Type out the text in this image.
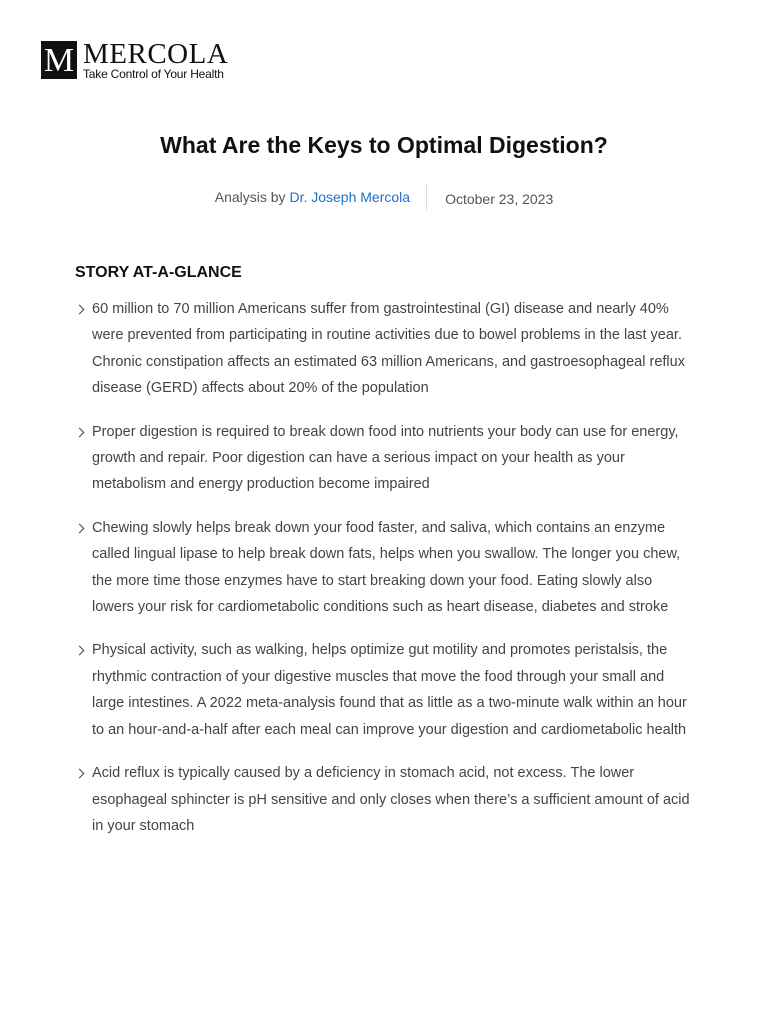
M MERCOLA
Take Control of Your Health
What Are the Keys to Optimal Digestion?
Analysis by Dr. Joseph Mercola	October 23, 2023
STORY AT-A-GLANCE
60 million to 70 million Americans suffer from gastrointestinal (GI) disease and nearly 40% were prevented from participating in routine activities due to bowel problems in the last year. Chronic constipation affects an estimated 63 million Americans, and gastroesophageal reflux disease (GERD) affects about 20% of the population
Proper digestion is required to break down food into nutrients your body can use for energy, growth and repair. Poor digestion can have a serious impact on your health as your metabolism and energy production become impaired
Chewing slowly helps break down your food faster, and saliva, which contains an enzyme called lingual lipase to help break down fats, helps when you swallow. The longer you chew, the more time those enzymes have to start breaking down your food. Eating slowly also lowers your risk for cardiometabolic conditions such as heart disease, diabetes and stroke
Physical activity, such as walking, helps optimize gut motility and promotes peristalsis, the rhythmic contraction of your digestive muscles that move the food through your small and large intestines. A 2022 meta-analysis found that as little as a two-minute walk within an hour to an hour-and-a-half after each meal can improve your digestion and cardiometabolic health
Acid reflux is typically caused by a deficiency in stomach acid, not excess. The lower esophageal sphincter is pH sensitive and only closes when there’s a sufficient amount of acid in your stomach
